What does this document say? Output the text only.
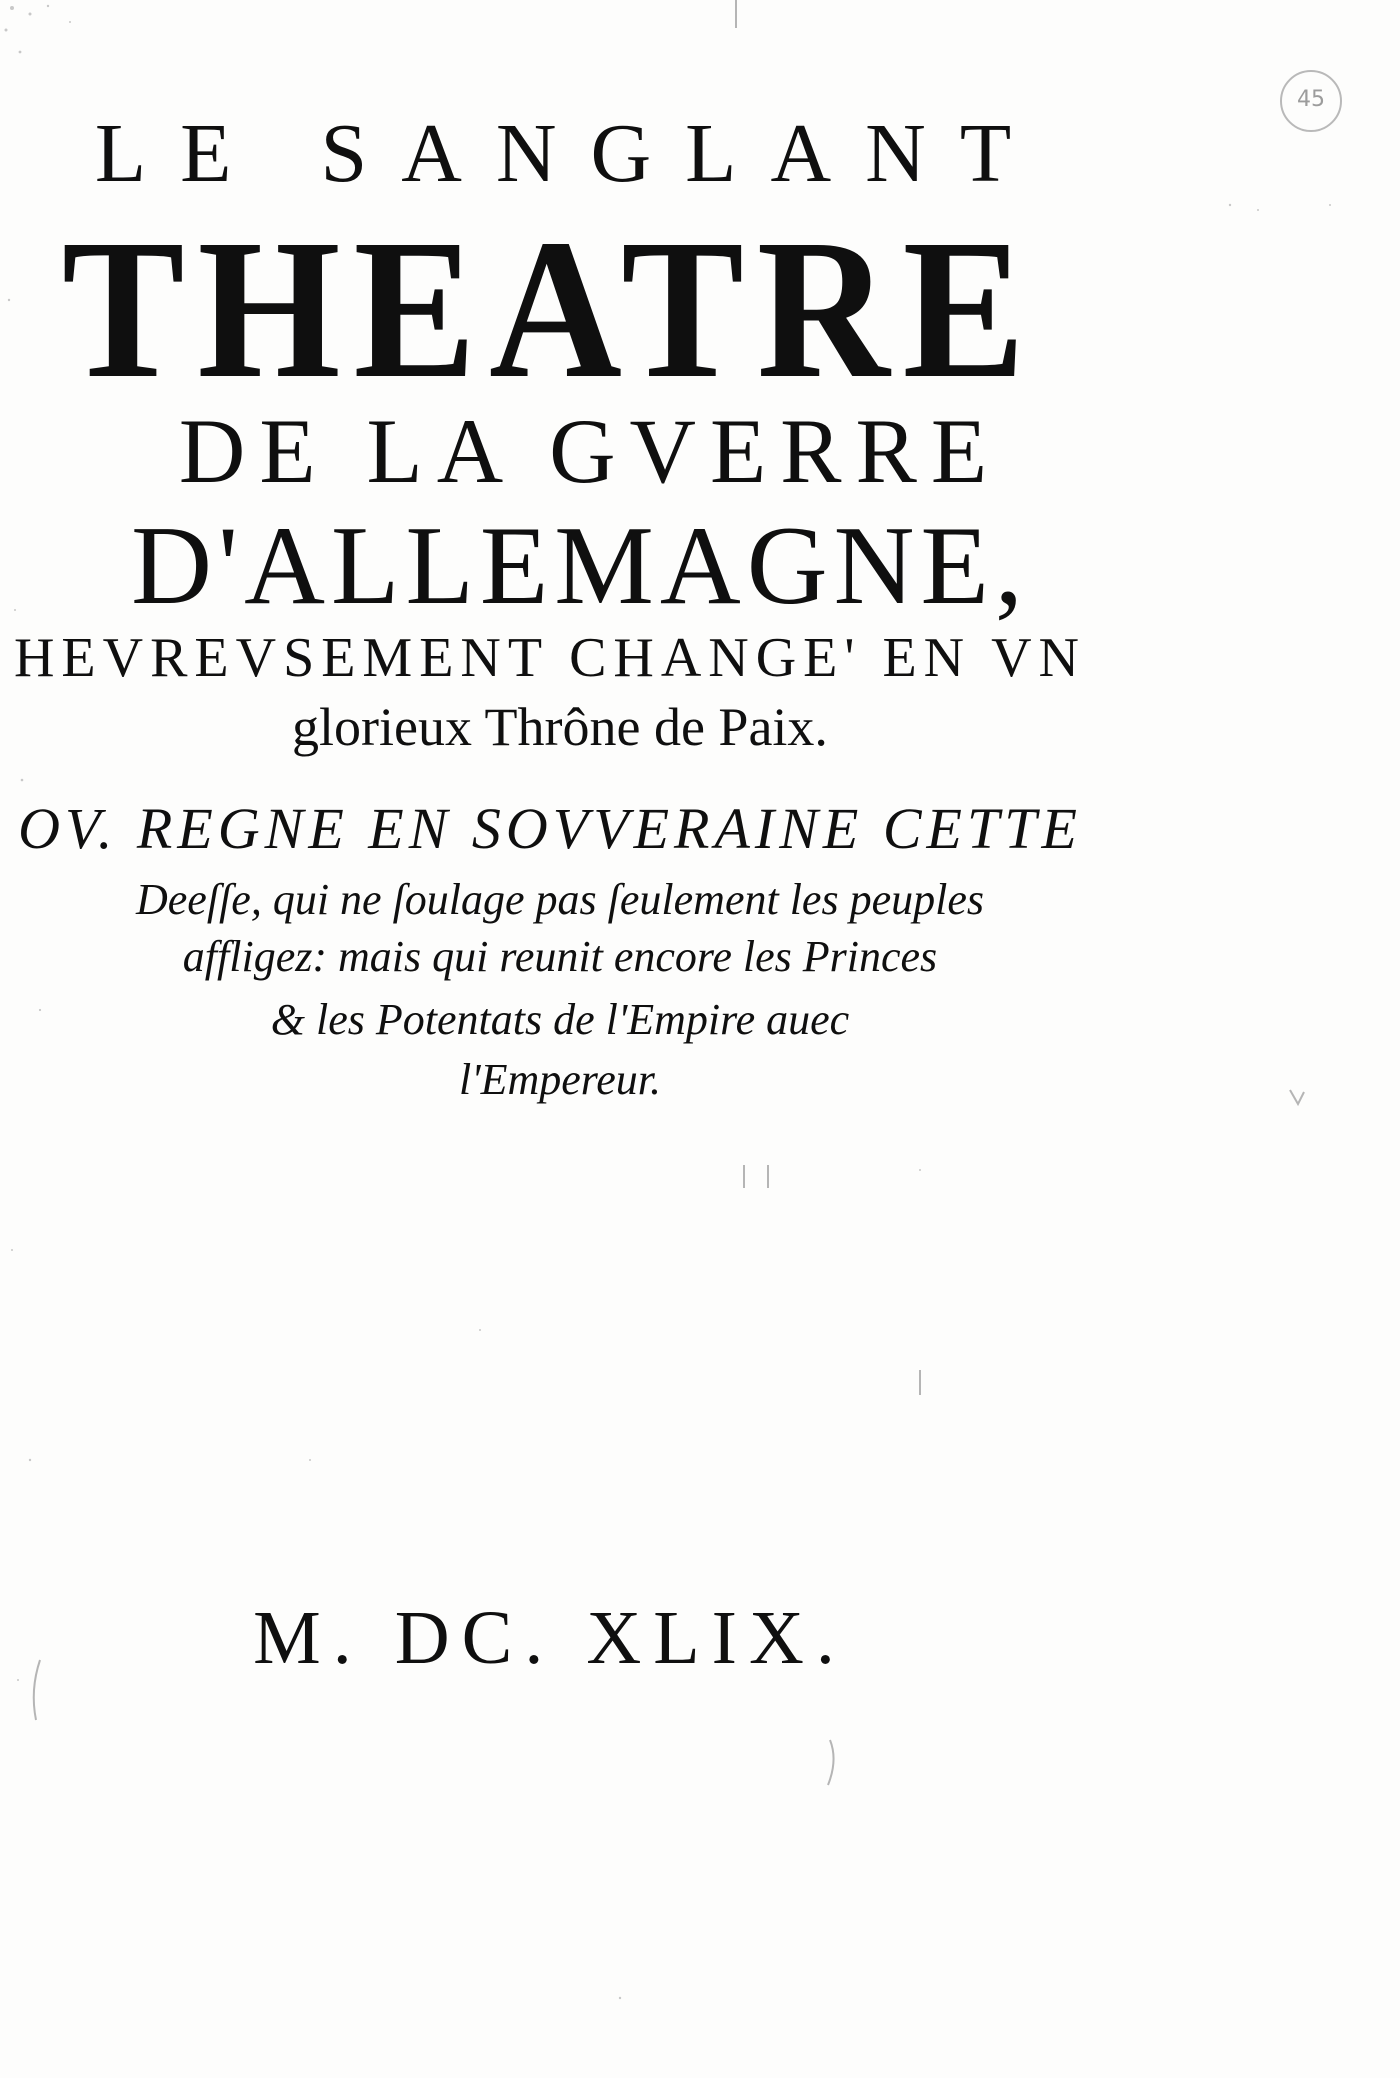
45
LE SANGLANT
THEATRE
DE LA GVERRE
D'ALLEMAGNE,
HEVREVSEMENT CHANGE' EN VN
glorieux Thrône de Paix.
OV. REGNE EN SOVVERAINE CETTE
Deeſſe, qui ne ſoulage pas ſeulement les peuples
affligez: mais qui reunit encore les Princes
& les Potentats de l'Empire auec
l'Empereur.
M. DC. XLIX.
